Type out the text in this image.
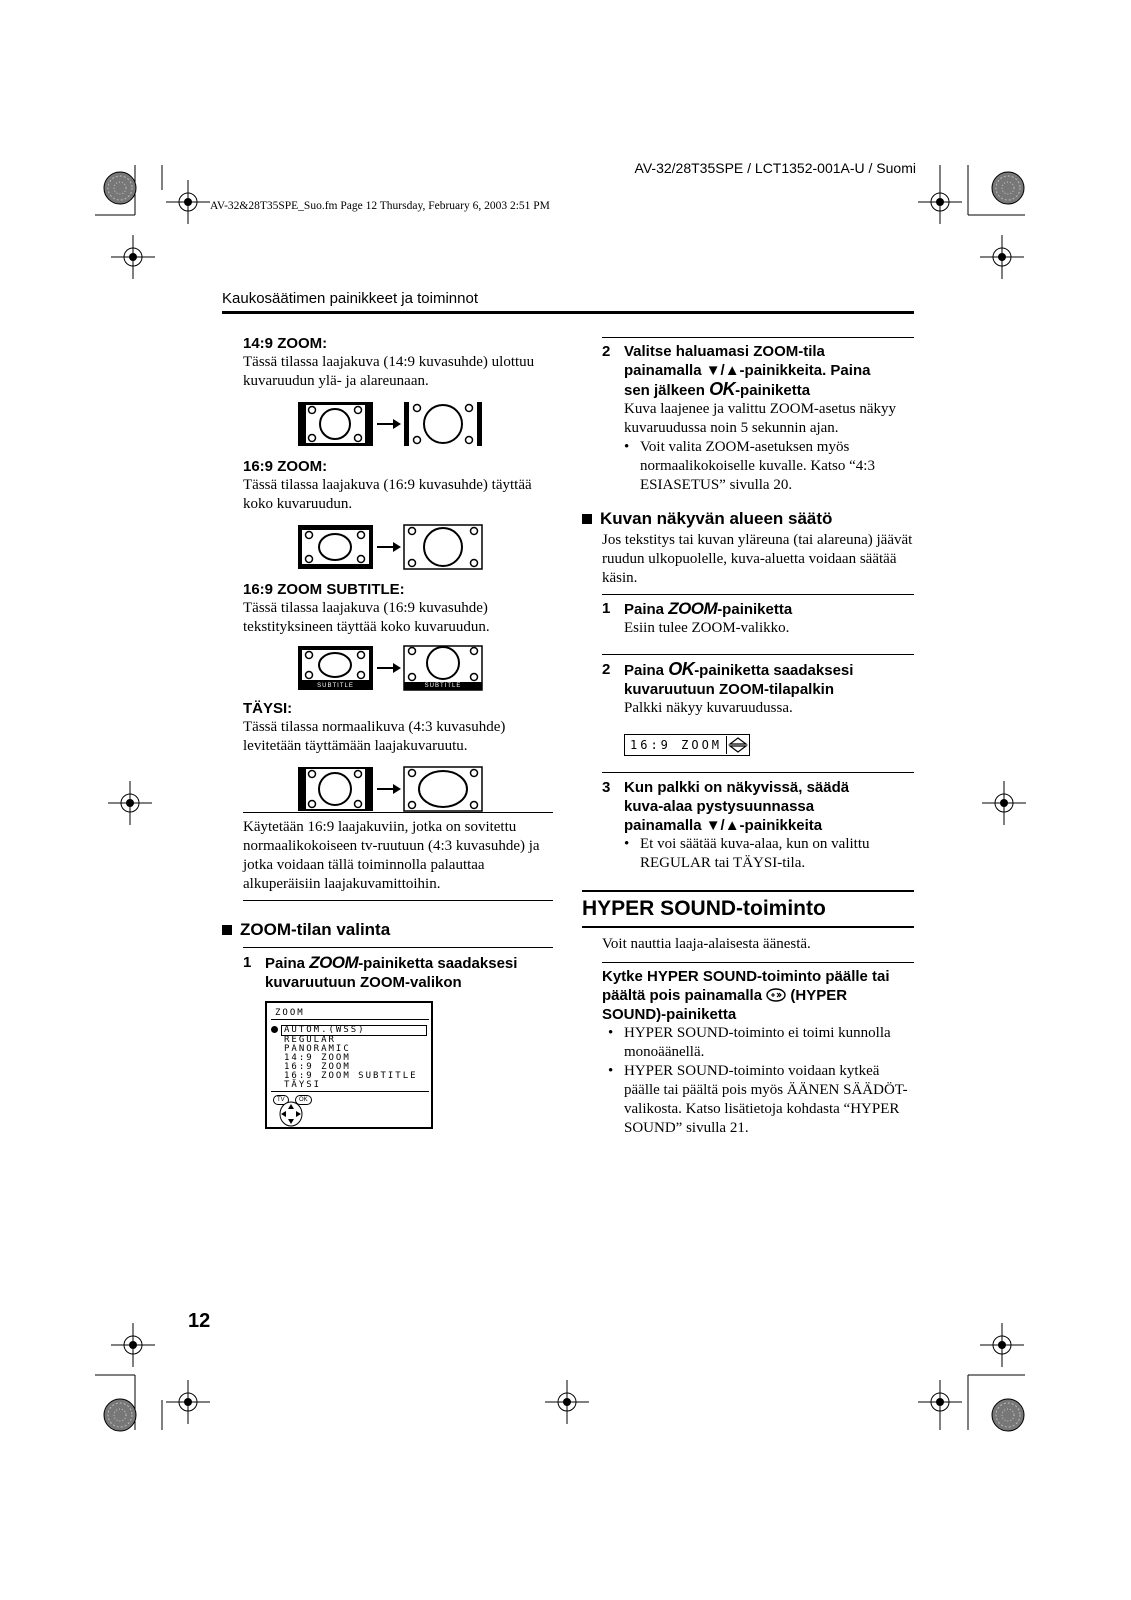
AV-32/28T35SPE / LCT1352-001A-U / Suomi
AV-32&28T35SPE_Suo.fm Page 12 Thursday, February 6, 2003 2:51 PM
Kaukosäätimen painikkeet ja toiminnot

14:9 ZOOM:

Tässä tilassa laajakuva (14:9 kuvasuhde) ulottuu kuvaruudun ylä- ja alareunaan.

16:9 ZOOM:

Tässä tilassa laajakuva (16:9 kuvasuhde) täyttää koko kuvaruudun.

16:9 ZOOM SUBTITLE:

Tässä tilassa laajakuva (16:9 kuvasuhde) tekstityksineen täyttää koko kuvaruudun.

SUBTITLE	SUBTITLE

TÄYSI:

Tässä tilassa normaalikuva (4:3 kuvasuhde) levitetään täyttämään laajakuvaruutu.

Käytetään 16:9 laajakuviin, jotka on sovitettu normaalikokoiseen tv-ruutuun (4:3 kuvasuhde) ja jotka voidaan tällä toiminnolla palauttaa alkuperäisiin laajakuvamittoihin.

ZOOM-tilan valinta
1 Paina ZOOM-painiketta saadaksesi kuvaruutuun ZOOM-valikon
ZOOM
AUTOM.(WSS)
REGULAR
PANORAMIC
14:9 ZOOM
16:9 ZOOM
16:9 ZOOM SUBTITLE
TÄYSI
TV	OK
2 Valitse haluamasi ZOOM-tila
painamalla ▼/▲-painikkeita. Paina
sen jälkeen OK-painiketta

Kuva laajenee ja valittu ZOOM-asetus näkyy kuvaruudussa noin 5 sekunnin ajan.

• Voit valita ZOOM-asetuksen myös normaalikokoiselle kuvalle. Katso “4:3 ESIASETUS” sivulla 20.
Kuvan näkyvän alueen säätö

Jos tekstitys tai kuvan yläreuna (tai alareuna) jäävät ruudun ulkopuolelle, kuva-aluetta voidaan säätää käsin.

1 Paina ZOOM-painiketta

Esiin tulee ZOOM-valikko.

2 Paina OK-painiketta saadaksesi kuvaruutuun ZOOM-tilapalkin

Palkki näkyy kuvaruudussa.

16:9 ZOOM
3 Kun palkki on näkyvissä, säädä kuva-alaa pystysuunnassa painamalla ▼/▲-painikkeita
• Et voi säätää kuva-alaa, kun on valittu REGULAR tai TÄYSI-tila.
HYPER SOUND-toiminto

Voit nauttia laaja-alaisesta äänestä.

Kytke HYPER SOUND-toiminto päälle tai päältä pois painamalla  (HYPER SOUND)-painiketta

• HYPER SOUND-toiminto ei toimi kunnolla monoäänellä.
• HYPER SOUND-toiminto voidaan kytkeä päälle tai päältä pois myös ÄÄNEN SÄÄDÖT-valikosta. Katso lisätietoja kohdasta “HYPER SOUND” sivulla 21.
12
